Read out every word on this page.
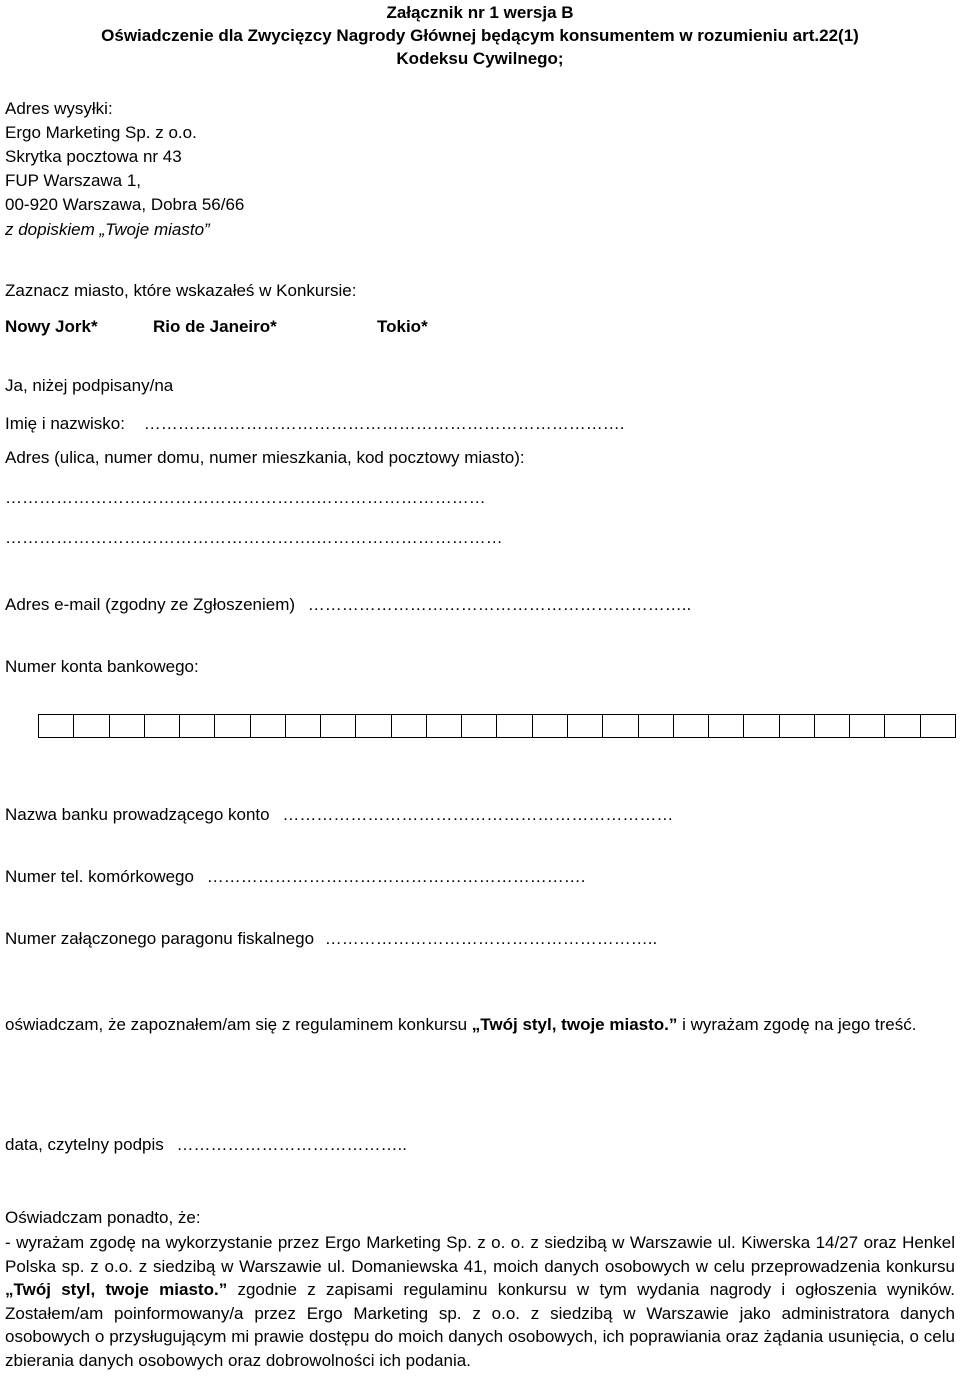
Załącznik nr 1 wersja B
Oświadczenie dla Zwycięzcy Nagrody Głównej będącym konsumentem w rozumieniu art.22(1)
Kodeksu Cywilnego;
Adres wysyłki:
Ergo Marketing Sp. z o.o.
Skrytka pocztowa nr 43
FUP Warszawa 1,
00-920 Warszawa, Dobra 56/66
z dopiskiem „Twoje miasto”
Zaznacz miasto, które wskazałeś w Konkursie:
Nowy Jork*	Rio de Janeiro*	Tokio*
Ja, niżej podpisany/na
Imię i nazwisko: ………………………………………………………………………….
Adres (ulica, numer domu, numer mieszkania, kod pocztowy miasto):
……………………………………………….…………………………
……………………………………………….……………………………
Adres e-mail (zgodny ze Zgłoszeniem) …………………………………………………………..
Numer konta bankowego:
Nazwa banku prowadzącego konto ……………………………………………………………
Numer tel. komórkowego ………………………………………………………….
Numer załączonego paragonu fiskalnego …………………………………………………..
oświadczam, że zapoznałem/am się z regulaminem konkursu „Twój styl, twoje miasto.” i wyrażam zgodę na jego treść.
data, czytelny podpis …………………………………..
Oświadczam ponadto, że:
- wyrażam zgodę na wykorzystanie przez Ergo Marketing Sp. z o. o. z siedzibą w Warszawie ul. Kiwerska 14/27 oraz Henkel Polska sp. z o.o. z siedzibą w Warszawie ul. Domaniewska 41, moich danych osobowych w celu przeprowadzenia konkursu „Twój styl, twoje miasto.” zgodnie z zapisami regulaminu konkursu w tym wydania nagrody i ogłoszenia wyników. Zostałem/am poinformowany/a przez Ergo Marketing sp. z o.o. z siedzibą w Warszawie jako administratora danych osobowych o przysługującym mi prawie dostępu do moich danych osobowych, ich poprawiania oraz żądania usunięcia, o celu zbierania danych osobowych oraz dobrowolności ich podania.
